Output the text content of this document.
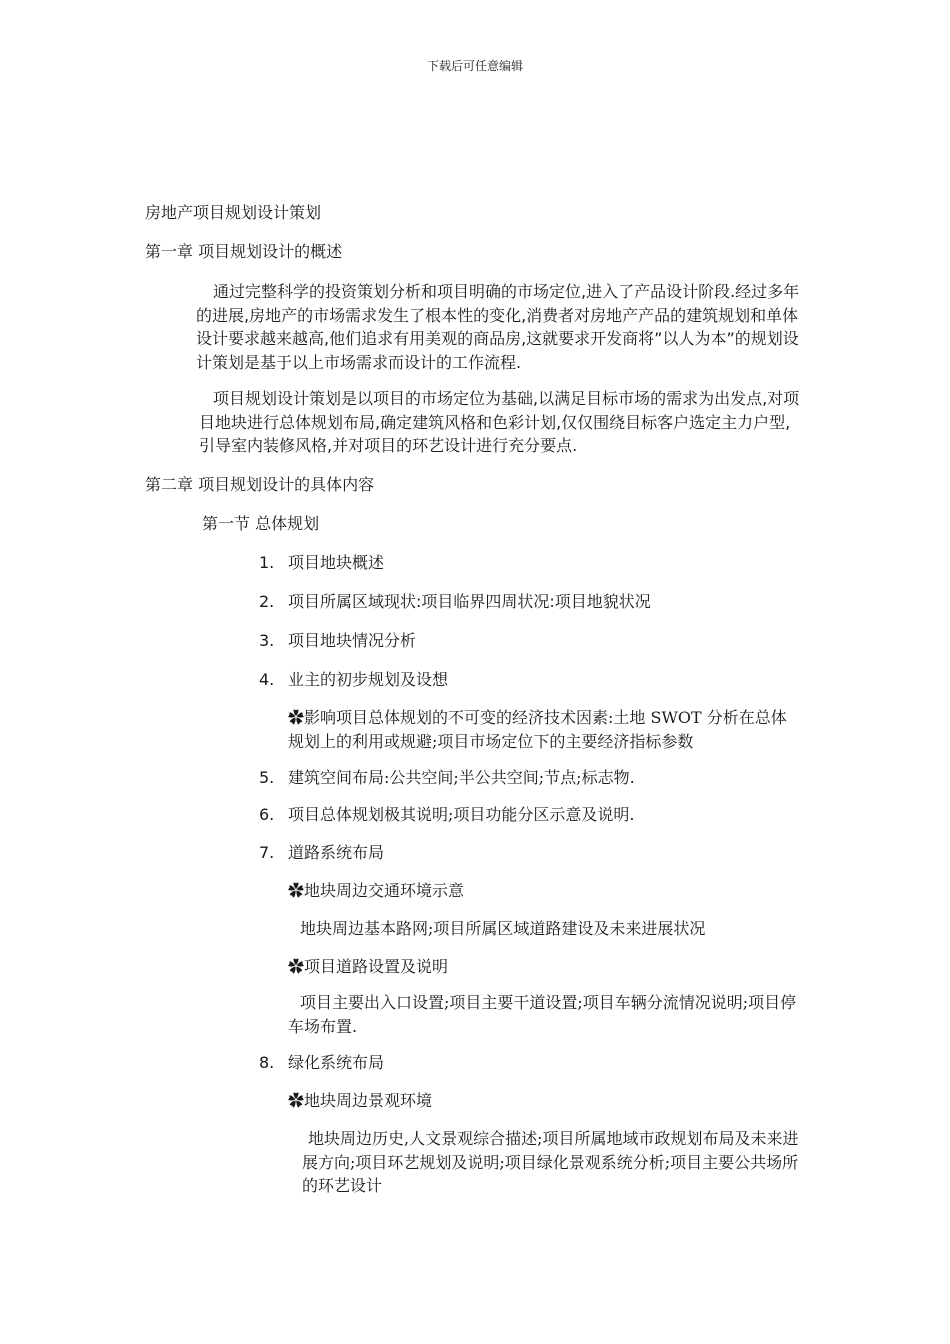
下载后可任意编辑
房地产项目规划设计策划
第一章 项目规划设计的概述
通过完整科学的投资策划分析和项目明确的市场定位,进入了产品设计阶段.经过多年的进展,房地产的市场需求发生了根本性的变化,消费者对房地产产品的建筑规划和单体设计要求越来越高,他们追求有用美观的商品房,这就要求开发商将”以人为本”的规划设计策划是基于以上市场需求而设计的工作流程.
项目规划设计策划是以项目的市场定位为基础,以满足目标市场的需求为出发点,对项目地块进行总体规划布局,确定建筑风格和色彩计划,仅仅围绕目标客户选定主力户型,引导室内装修风格,并对项目的环艺设计进行充分要点.
第二章 项目规划设计的具体内容
第一节 总体规划
1. 项目地块概述
2. 项目所属区域现状:项目临界四周状况:项目地貌状况
3. 项目地块情况分析
4. 业主的初步规划及设想
✿影响项目总体规划的不可变的经济技术因素:土地 SWOT 分析在总体规划上的利用或规避;项目市场定位下的主要经济指标参数
5. 建筑空间布局:公共空间;半公共空间;节点;标志物.
6. 项目总体规划极其说明;项目功能分区示意及说明.
7. 道路系统布局
✿地块周边交通环境示意
地块周边基本路网;项目所属区域道路建设及未来进展状况
✿项目道路设置及说明
项目主要出入口设置;项目主要干道设置;项目车辆分流情况说明;项目停车场布置.
8. 绿化系统布局
✿地块周边景观环境
地块周边历史,人文景观综合描述;项目所属地域市政规划布局及未来进展方向;项目环艺规划及说明;项目绿化景观系统分析;项目主要公共场所的环艺设计
